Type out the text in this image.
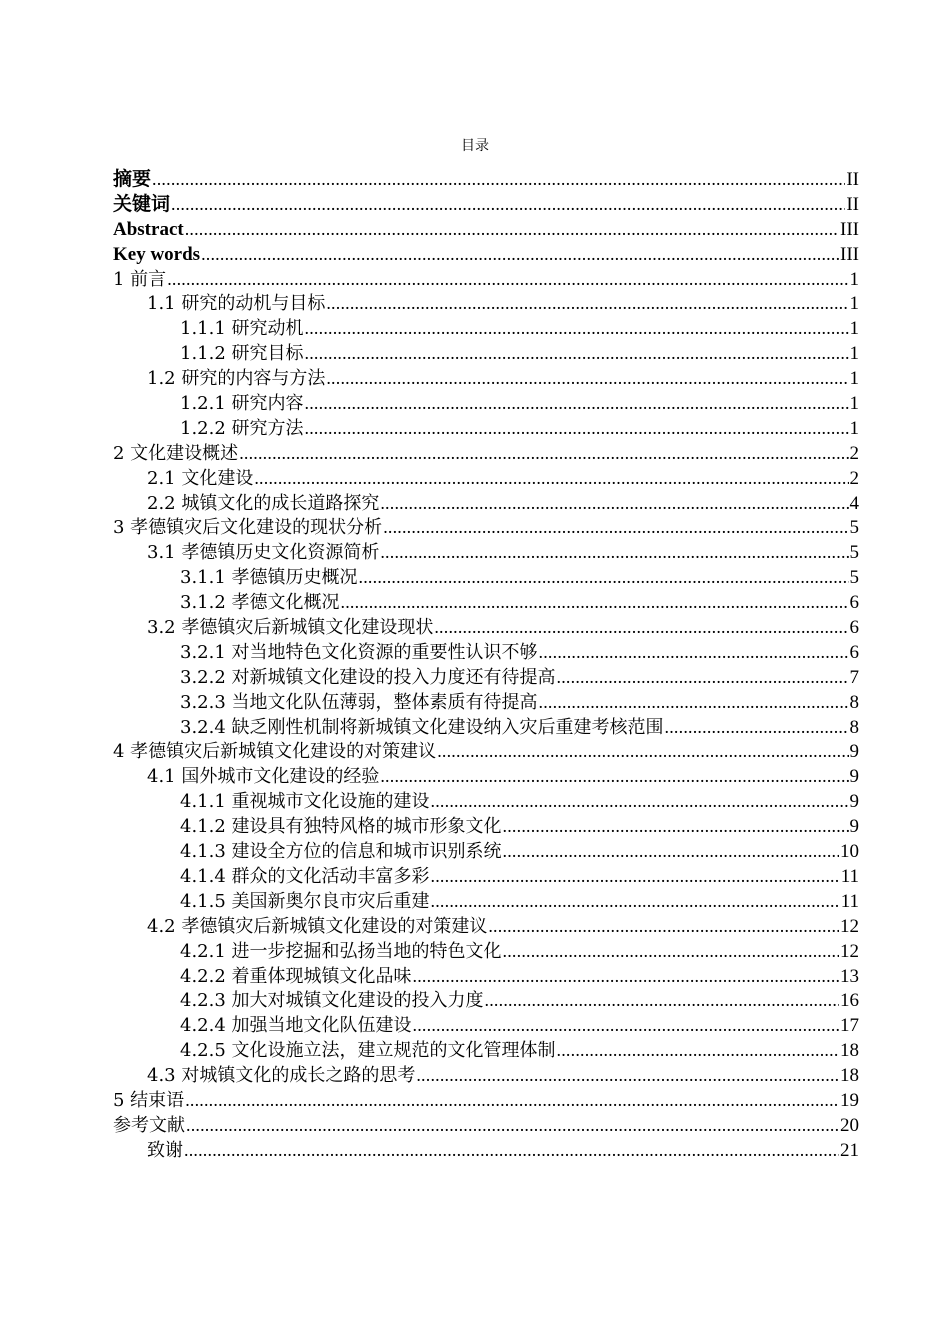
目录
摘要 .....	II
关键词 .....	II
Abstract .....	III
Key words .....	III
1 前言 .....	1
1.1 研究的动机与目标 .....	1
1.1.1 研究动机 .....	1
1.1.2 研究目标 .....	1
1.2 研究的内容与方法 .....	1
1.2.1 研究内容 .....	1
1.2.2 研究方法 .....	1
2 文化建设概述 .....	2
2.1 文化建设 .....	2
2.2 城镇文化的成长道路探究 .....	4
3 孝德镇灾后文化建设的现状分析 .....	5
3.1 孝德镇历史文化资源简析 .....	5
3.1.1 孝德镇历史概况 .....	5
3.1.2 孝德文化概况 .....	6
3.2 孝德镇灾后新城镇文化建设现状 .....	6
3.2.1 对当地特色文化资源的重要性认识不够 .....	6
3.2.2 对新城镇文化建设的投入力度还有待提高 .....	7
3.2.3 当地文化队伍薄弱，整体素质有待提高 .....	8
3.2.4 缺乏刚性机制将新城镇文化建设纳入灾后重建考核范围 .....	8
4 孝德镇灾后新城镇文化建设的对策建议 .....	9
4.1 国外城市文化建设的经验 .....	9
4.1.1 重视城市文化设施的建设 .....	9
4.1.2 建设具有独特风格的城市形象文化 .....	9
4.1.3 建设全方位的信息和城市识别系统 .....	10
4.1.4 群众的文化活动丰富多彩 .....	11
4.1.5 美国新奥尔良市灾后重建 .....	11
4.2 孝德镇灾后新城镇文化建设的对策建议 .....	12
4.2.1 进一步挖掘和弘扬当地的特色文化 .....	12
4.2.2 着重体现城镇文化品味 .....	13
4.2.3 加大对城镇文化建设的投入力度 .....	16
4.2.4 加强当地文化队伍建设 .....	17
4.2.5 文化设施立法，建立规范的文化管理体制 .....	18
4.3 对城镇文化的成长之路的思考 .....	18
5 结束语 .....	19
参考文献 .....	20
致谢 .....	21
